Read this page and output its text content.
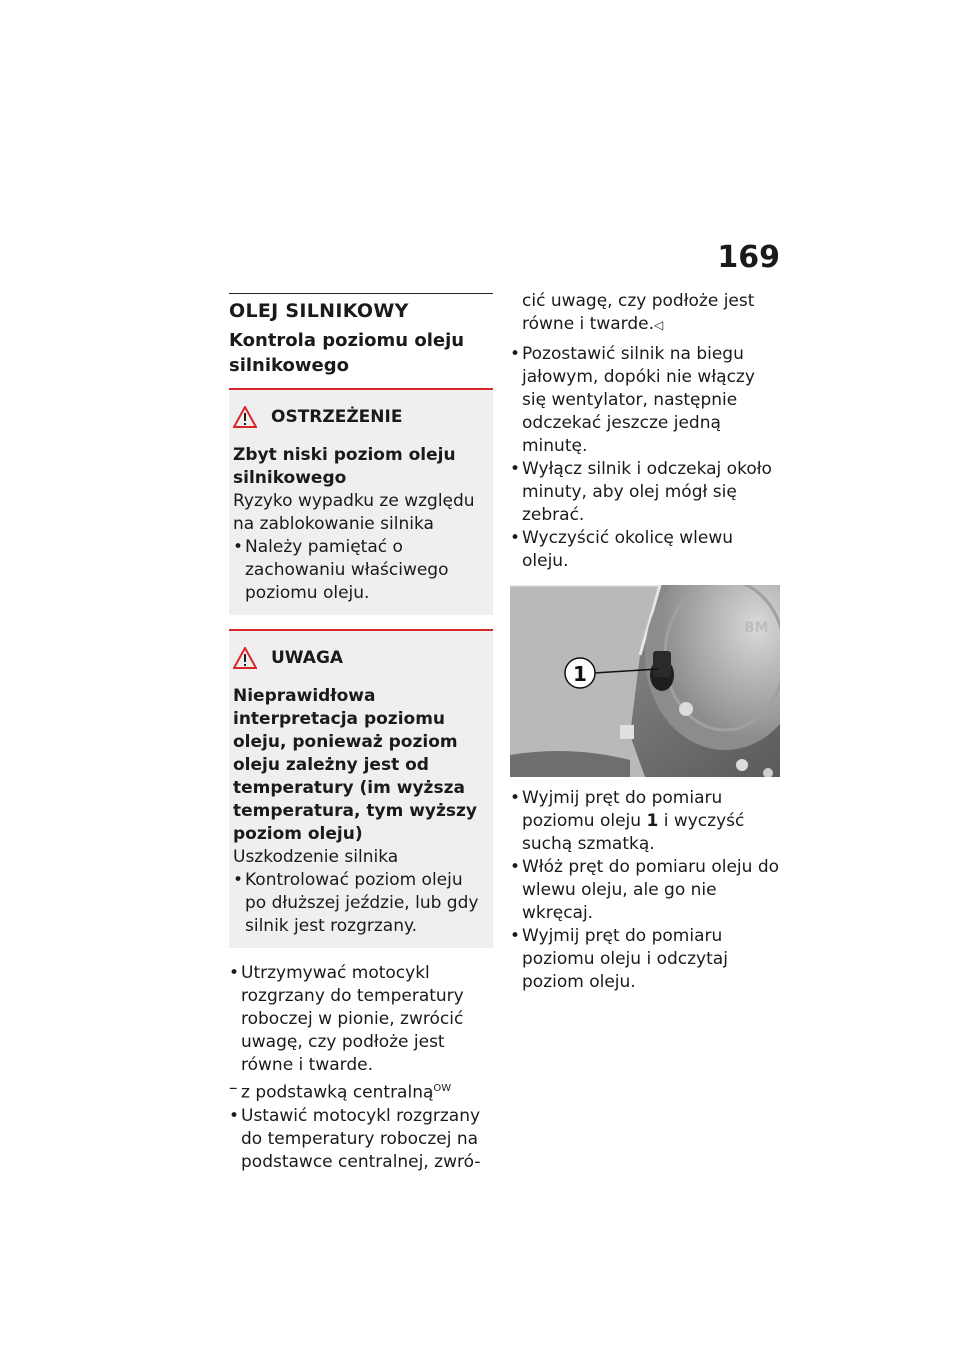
169
OLEJ SILNIKOWY
Kontrola poziomu oleju silnikowego
OSTRZEŻENIE
Zbyt niski poziom oleju silnikowego
Ryzyko wypadku ze względu na zablokowanie silnika
• Należy pamiętać o zachowaniu właściwego poziomu oleju.
UWAGA
Nieprawidłowa interpretacja poziomu oleju, ponieważ poziom oleju zależny jest od temperatury (im wyższa temperatura, tym wyższy poziom oleju)
Uszkodzenie silnika
• Kontrolować poziom oleju po dłuższej jeździe, lub gdy silnik jest rozgrzany.
• Utrzymywać motocykl rozgrzany do temperatury roboczej w pionie, zwrócić uwagę, czy podłoże jest równe i twarde.
– z podstawką centralną$^{OW}$
• Ustawić motocykl rozgrzany do temperatury roboczej na podstawce centralnej, zwró-
cić uwagę, czy podłoże jest równe i twarde.◁
• Pozostawić silnik na biegu jałowym, dopóki nie włączy się wentylator, następnie odczekać jeszcze jedną minutę.
• Wyłącz silnik i odczekaj około minuty, aby olej mógł się zebrać.
• Wyczyścić okolicę wlewu oleju.
1
BM
• Wyjmij pręt do pomiaru poziomu oleju 1 i wyczyść suchą szmatką.
• Włóż pręt do pomiaru oleju do wlewu oleju, ale go nie wkręcaj.
• Wyjmij pręt do pomiaru poziomu oleju i odczytaj poziom oleju.
